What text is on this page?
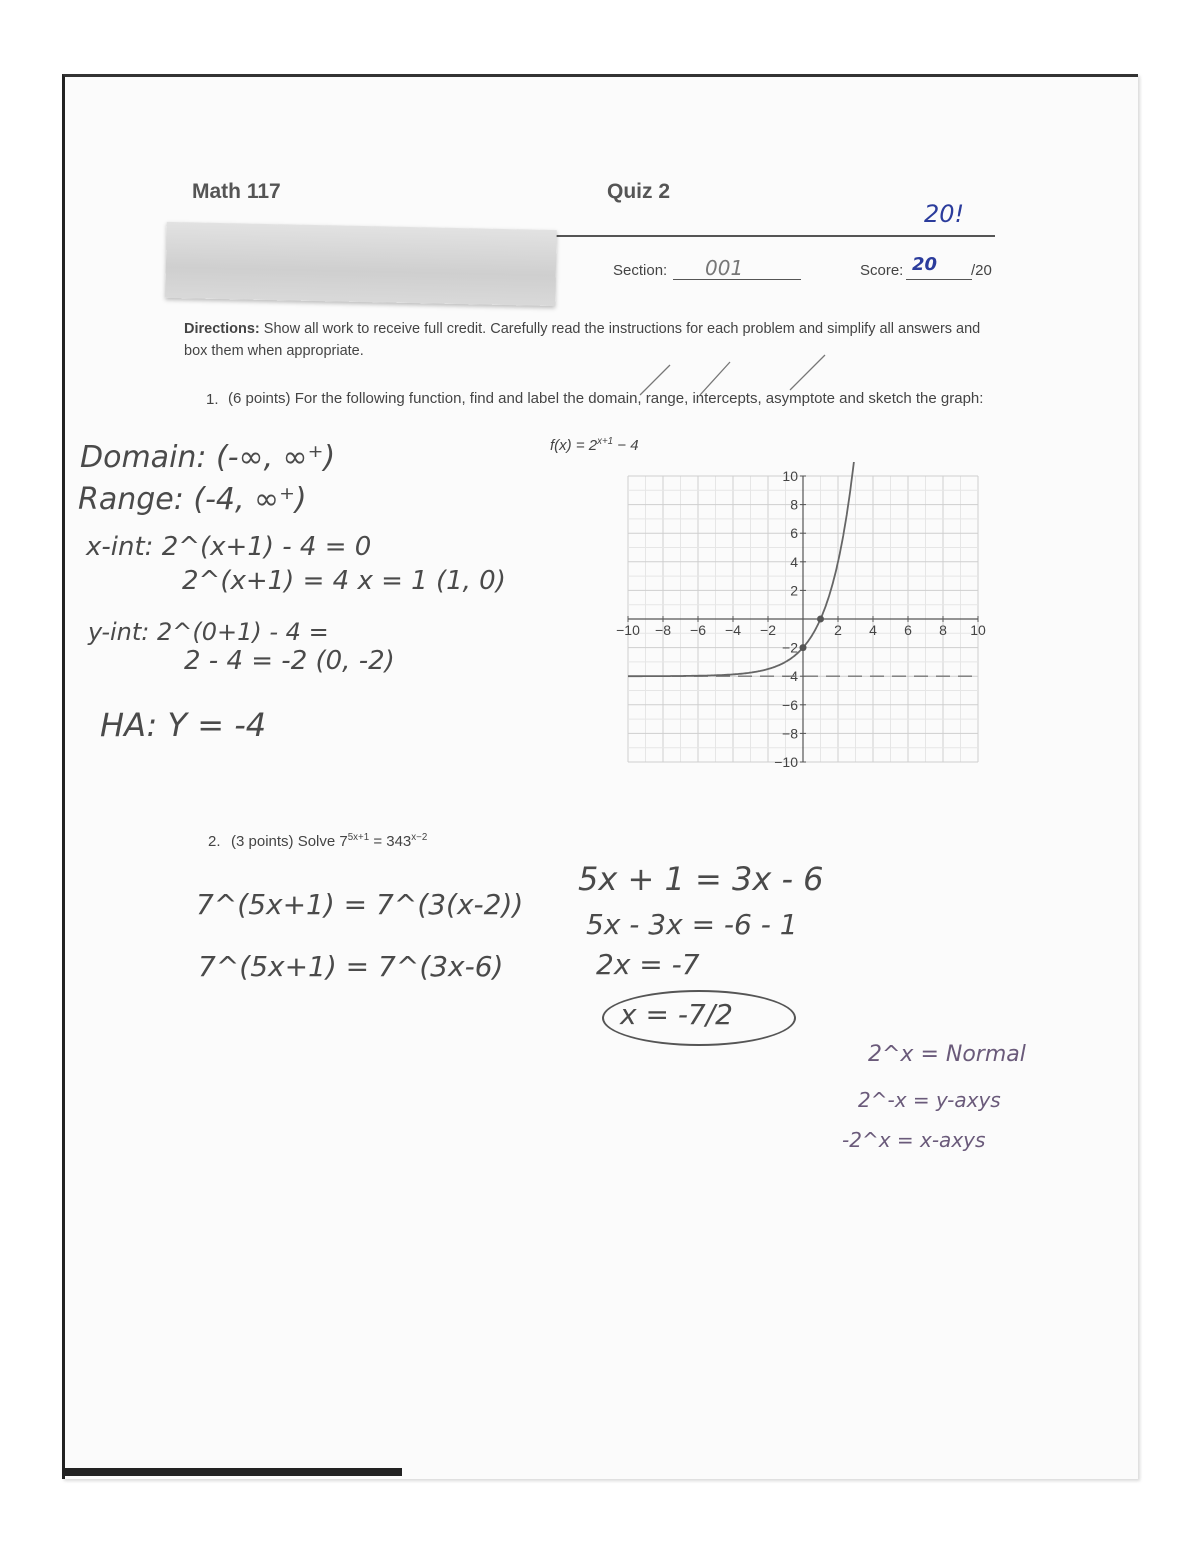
Math 117	Quiz 2
20!
Section: 001	Score: 20 /20
Directions: Show all work to receive full credit. Carefully read the instructions for each problem and simplify all answers and box them when appropriate.
1. (6 points) For the following function, find and label the domain, range, intercepts, asymptote and sketch the graph:
$f(x) = 2^{x+1} - 4$
Domain: (-∞, ∞⁺)
Range: (-4, ∞⁺)
x-int: 2^(x+1) - 4 = 0
2^(x+1) = 4 x = 1 (1, 0)
y-int: 2^(0+1) - 4 =
2 - 4 = -2 (0, -2)
HA: Y = -4
−10 −8 −6 −4 −2	2 4 6 8 10
10
8
6
4
2
−2
−4
−6
−8
−10
2. (3 points) Solve $7^{5x+1} = 343^{x-2}$
7^(5x+1) = 7^(3(x-2))
7^(5x+1) = 7^(3x-6)
5x + 1 = 3x - 6
5x - 3x = -6 - 1
2x = -7
x = -7/2
2^x = Normal
2^-x = y-axys
-2^x = x-axys
